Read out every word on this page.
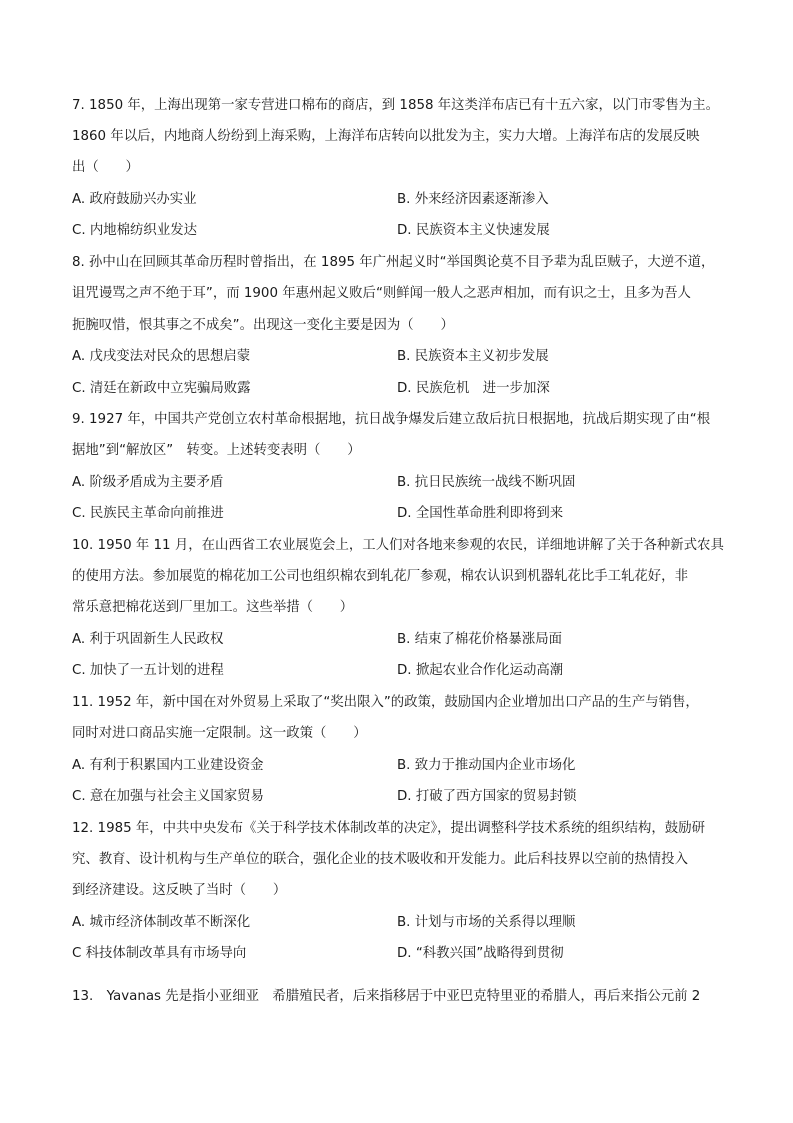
7. 1850 年，上海出现第一家专营进口棉布的商店，到 1858 年这类洋布店已有十五六家，以门市零售为主。
1860 年以后，内地商人纷纷到上海采购，上海洋布店转向以批发为主，实力大增。上海洋布店的发展反映
出（　　）
A. 政府鼓励兴办实业	B. 外来经济因素逐渐渗入
C. 内地棉纺织业发达	D. 民族资本主义快速发展
8. 孙中山在回顾其革命历程时曾指出，在 1895 年广州起义时“举国舆论莫不目予辈为乱臣贼子，大逆不道，
诅咒谩骂之声不绝于耳”，而 1900 年惠州起义败后“则鲜闻一般人之恶声相加，而有识之士，且多为吾人
扼腕叹惜，恨其事之不成矣”。出现这一变化主要是因为（　　）
A. 戊戌变法对民众的思想启蒙	B. 民族资本主义初步发展
C. 清廷在新政中立宪骗局败露	D. 民族危机　进一步加深
9. 1927 年，中国共产党创立农村革命根据地，抗日战争爆发后建立敌后抗日根据地，抗战后期实现了由“根
据地”到“解放区”　转变。上述转变表明（　　）
A. 阶级矛盾成为主要矛盾	B. 抗日民族统一战线不断巩固
C. 民族民主革命向前推进	D. 全国性革命胜利即将到来
10. 1950 年 11 月，在山西省工农业展览会上，工人们对各地来参观的农民，详细地讲解了关于各种新式农具
的使用方法。参加展览的棉花加工公司也组织棉农到轧花厂参观，棉农认识到机器轧花比手工轧花好，非
常乐意把棉花送到厂里加工。这些举措（　　）
A. 利于巩固新生人民政权	B. 结束了棉花价格暴涨局面
C. 加快了一五计划的进程	D. 掀起农业合作化运动高潮
11. 1952 年，新中国在对外贸易上采取了“奖出限入”的政策，鼓励国内企业增加出口产品的生产与销售，
同时对进口商品实施一定限制。这一政策（　　）
A. 有利于积累国内工业建设资金	B. 致力于推动国内企业市场化
C. 意在加强与社会主义国家贸易	D. 打破了西方国家的贸易封锁
12. 1985 年，中共中央发布《关于科学技术体制改革的决定》，提出调整科学技术系统的组织结构，鼓励研
究、教育、设计机构与生产单位的联合，强化企业的技术吸收和开发能力。此后科技界以空前的热情投入
到经济建设。这反映了当时（　　）
A. 城市经济体制改革不断深化	B. 计划与市场的关系得以理顺
C 科技体制改革具有市场导向	D. “科教兴国”战略得到贯彻
13.　Yavanas 先是指小亚细亚　希腊殖民者，后来指移居于中亚巴克特里亚的希腊人，再后来指公元前 2
